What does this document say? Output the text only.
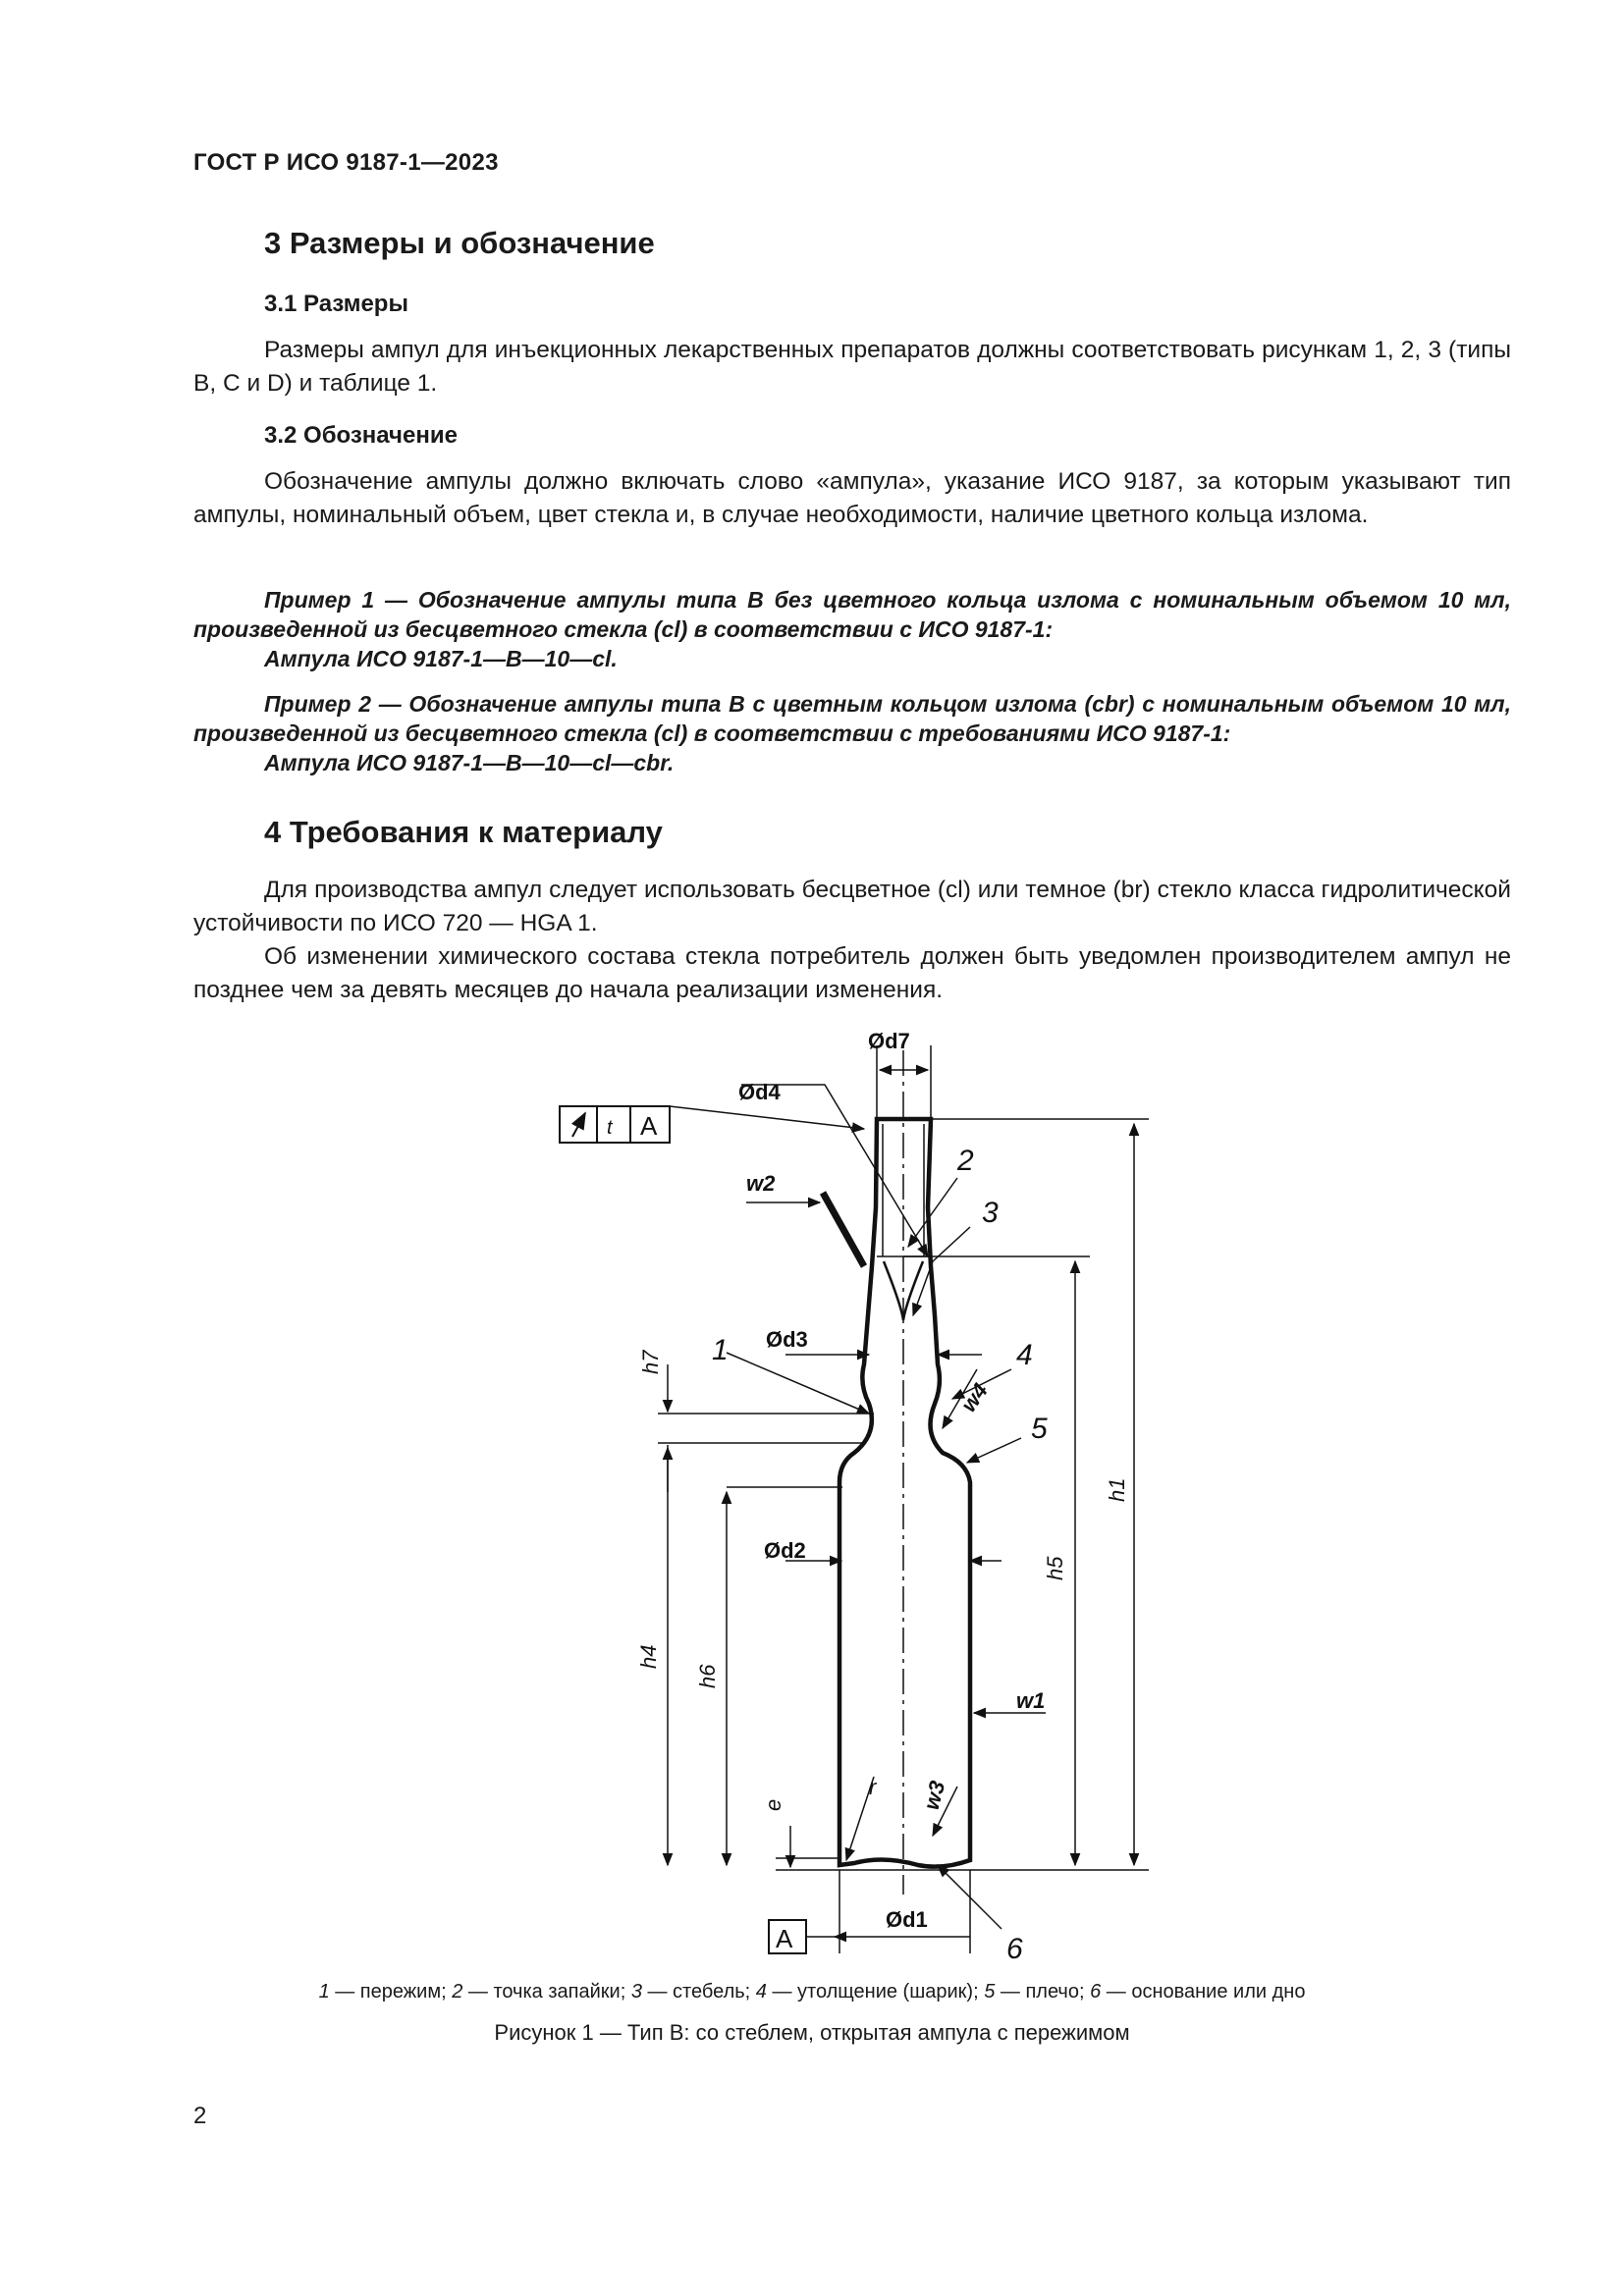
ГОСТ Р ИСО 9187-1—2023
3 Размеры и обозначение
3.1 Размеры
Размеры ампул для инъекционных лекарственных препаратов должны соответствовать рисункам 1, 2, 3 (типы B, C и D) и таблице 1.
3.2 Обозначение
Обозначение ампулы должно включать слово «ампула», указание ИСО 9187, за которым указывают тип ампулы, номинальный объем, цвет стекла и, в случае необходимости, наличие цветного кольца излома.
Пример 1 — Обозначение ампулы типа B без цветного кольца излома с номинальным объемом 10 мл, произведенной из бесцветного стекла (cl) в соответствии с ИСО 9187-1:
Ампула ИСО 9187-1—B—10—cl.
Пример 2 — Обозначение ампулы типа B с цветным кольцом излома (cbr) с номинальным объемом 10 мл, произведенной из бесцветного стекла (cl) в соответствии с требованиями ИСО 9187-1:
Ампула ИСО 9187-1—B—10—cl—cbr.
4 Требования к материалу
Для производства ампул следует использовать бесцветное (cl) или темное (br) стекло класса гидролитической устойчивости по ИСО 720 — HGA 1.
Об изменении химического состава стекла потребитель должен быть уведомлен производителем ампул не позднее чем за девять месяцев до начала реализации изменения.
Ød7
Ød4
t A
w2
2
3
Ød3
1	4
5
w4
h7
h1
h5
h4
h6
Ød2
w1
e
r w3
Ød1
A	6
1 — пережим; 2 — точка запайки; 3 — стебель; 4 — утолщение (шарик); 5 — плечо; 6 — основание или дно
Рисунок 1 — Тип B: со стеблем, открытая ампула с пережимом
2
